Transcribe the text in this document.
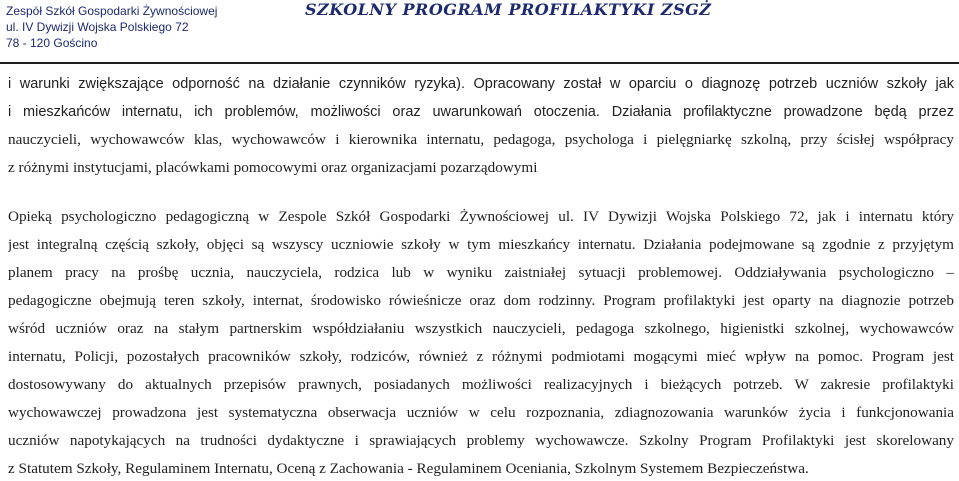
Zespół Szkół Gospodarki Żywnościowej
ul. IV Dywizji Wojska Polskiego 72
78 - 120 Gościno
SZKOLNY PROGRAM PROFILAKTYKI ZSGŻ
i warunki zwiększające odporność na działanie czynników ryzyka). Opracowany został w oparciu o diagnozę potrzeb uczniów szkoły jak
i mieszkańców internatu, ich problemów, możliwości oraz uwarunkowań otoczenia. Działania profilaktyczne prowadzone będą przez
nauczycieli, wychowawców klas, wychowawców i kierownika internatu, pedagoga, psychologa i pielęgniarkę szkolną, przy ścisłej współpracy
z różnymi instytucjami, placówkami pomocowymi oraz organizacjami pozarządowymi
Opieką psychologiczno pedagogiczną w Zespole Szkół Gospodarki Żywnościowej ul. IV Dywizji Wojska Polskiego 72, jak i internatu który
jest integralną częścią szkoły, objęci są wszyscy uczniowie szkoły w tym mieszkańcy internatu. Działania podejmowane są zgodnie z przyjętym
planem pracy na prośbę ucznia, nauczyciela, rodzica lub w wyniku zaistniałej sytuacji problemowej. Oddziaływania psychologiczno –
pedagogiczne obejmują teren szkoły, internat, środowisko rówieśnicze oraz dom rodzinny. Program profilaktyki jest oparty na diagnozie potrzeb
wśród uczniów oraz na stałym partnerskim współdziałaniu wszystkich nauczycieli, pedagoga szkolnego, higienistki szkolnej, wychowawców
internatu, Policji, pozostałych pracowników szkoły, rodziców, również z różnymi podmiotami mogącymi mieć wpływ na pomoc. Program jest
dostosowywany do aktualnych przepisów prawnych, posiadanych możliwości realizacyjnych i bieżących potrzeb. W zakresie profilaktyki
wychowawczej prowadzona jest systematyczna obserwacja uczniów w celu rozpoznania, zdiagnozowania warunków życia i funkcjonowania
uczniów napotykających na trudności dydaktyczne i sprawiających problemy wychowawcze. Szkolny Program Profilaktyki jest skorelowany
z Statutem Szkoły, Regulaminem Internatu, Oceną z Zachowania - Regulaminem Oceniania, Szkolnym Systemem Bezpieczeństwa.
